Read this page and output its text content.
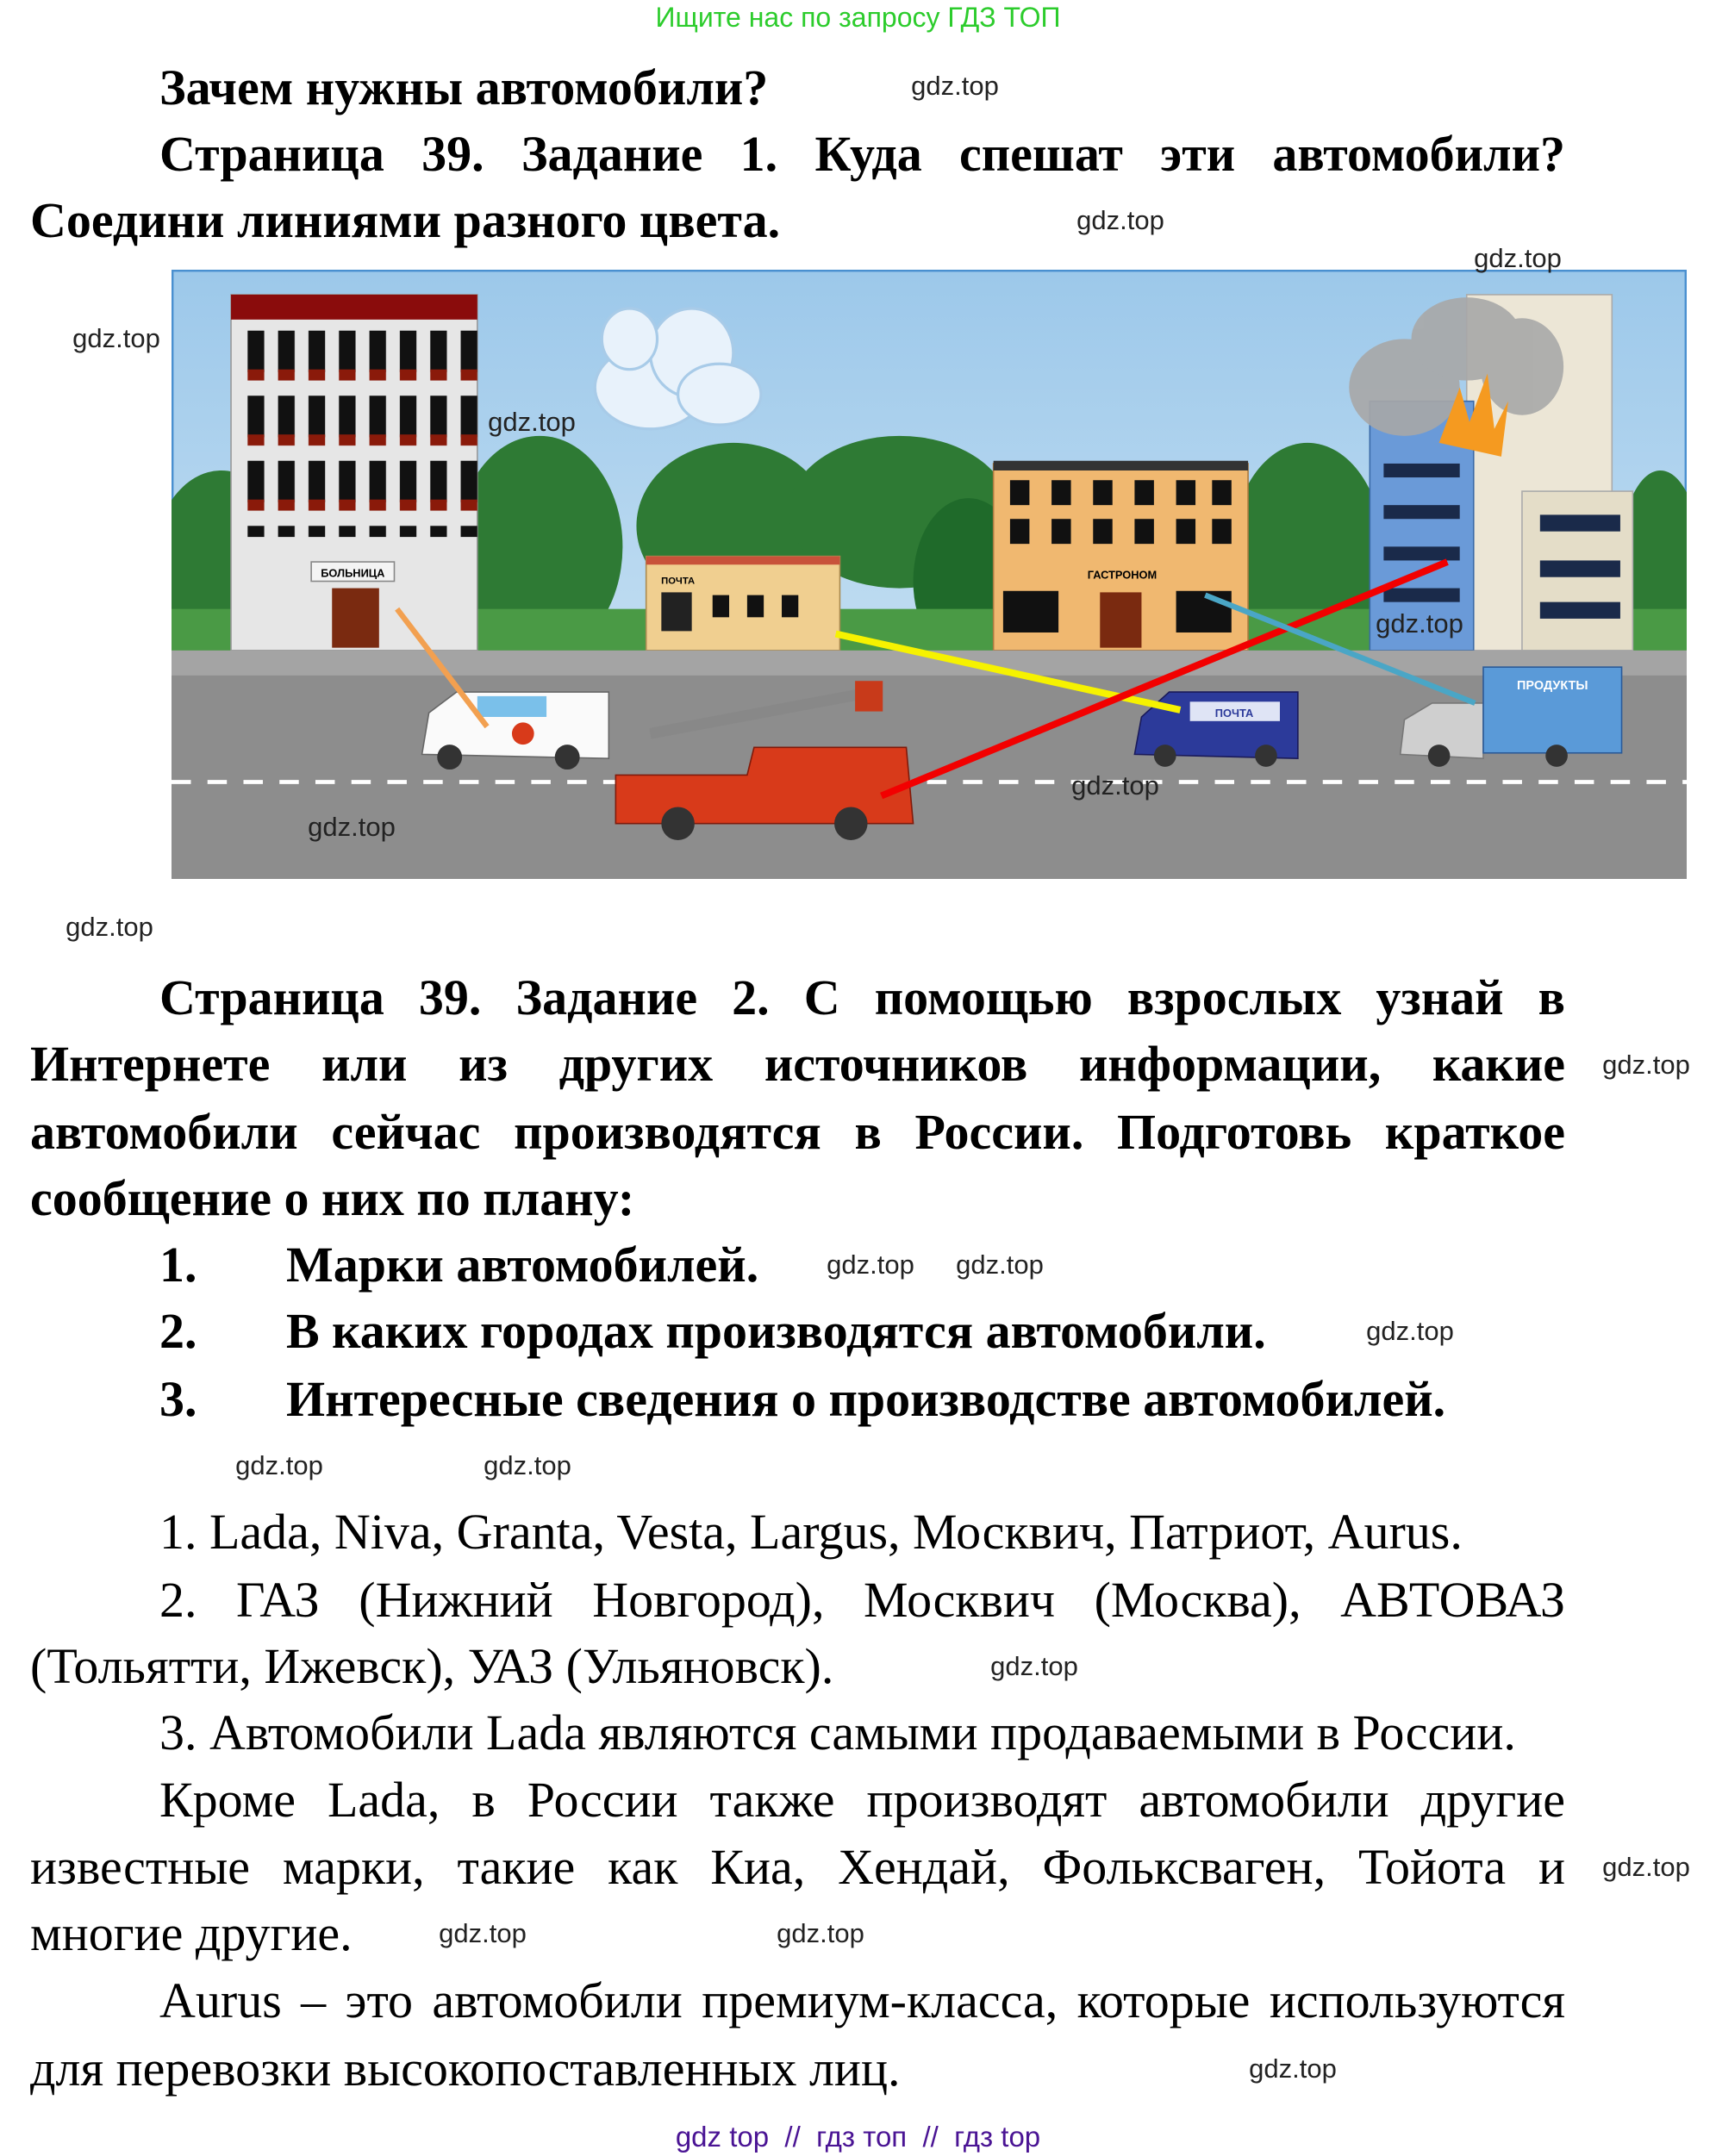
Ищите нас по запросу ГДЗ ТОП
Зачем нужны автомобили?
Страница 39. Задание 1. Куда спешат эти автомобили?
Соедини линиями разного цвета.
БОЛЬНИЦА
ПОЧТА
ГАСТРОНОМ
ПОЧТА
ПРОДУКТЫ
Страница 39. Задание 2. С помощью взрослых узнай в
Интернете или из других источников информации, какие
автомобили сейчас производятся в России. Подготовь краткое
сообщение о них по плану:
1. Марки автомобилей.
2. В каких городах производятся автомобили.
3. Интересные сведения о производстве автомобилей.
1. Lada, Niva, Granta, Vesta, Largus, Москвич, Патриот, Aurus.
2. ГАЗ (Нижний Новгород), Москвич (Москва), АВТОВАЗ
(Тольятти, Ижевск), УАЗ (Ульяновск).
3. Автомобили Lada являются самыми продаваемыми в России.
Кроме Lada, в России также производят автомобили другие
известные марки, такие как Киа, Хендай, Фольксваген, Тойота и
многие другие.
Aurus – это автомобили премиум-класса, которые используются
для перевозки высокопоставленных лиц.
gdz.top
gdz.top
gdz.top
gdz.top
gdz.top
gdz.top
gdz.top
gdz.top
gdz.top
gdz.top
gdz.top gdz.top
gdz.top
gdz.top
gdz.top
gdz.top
gdz.top
gdz.top	gdz.top
gdz.top
gdz top  //  гдз топ  //  гдз top
